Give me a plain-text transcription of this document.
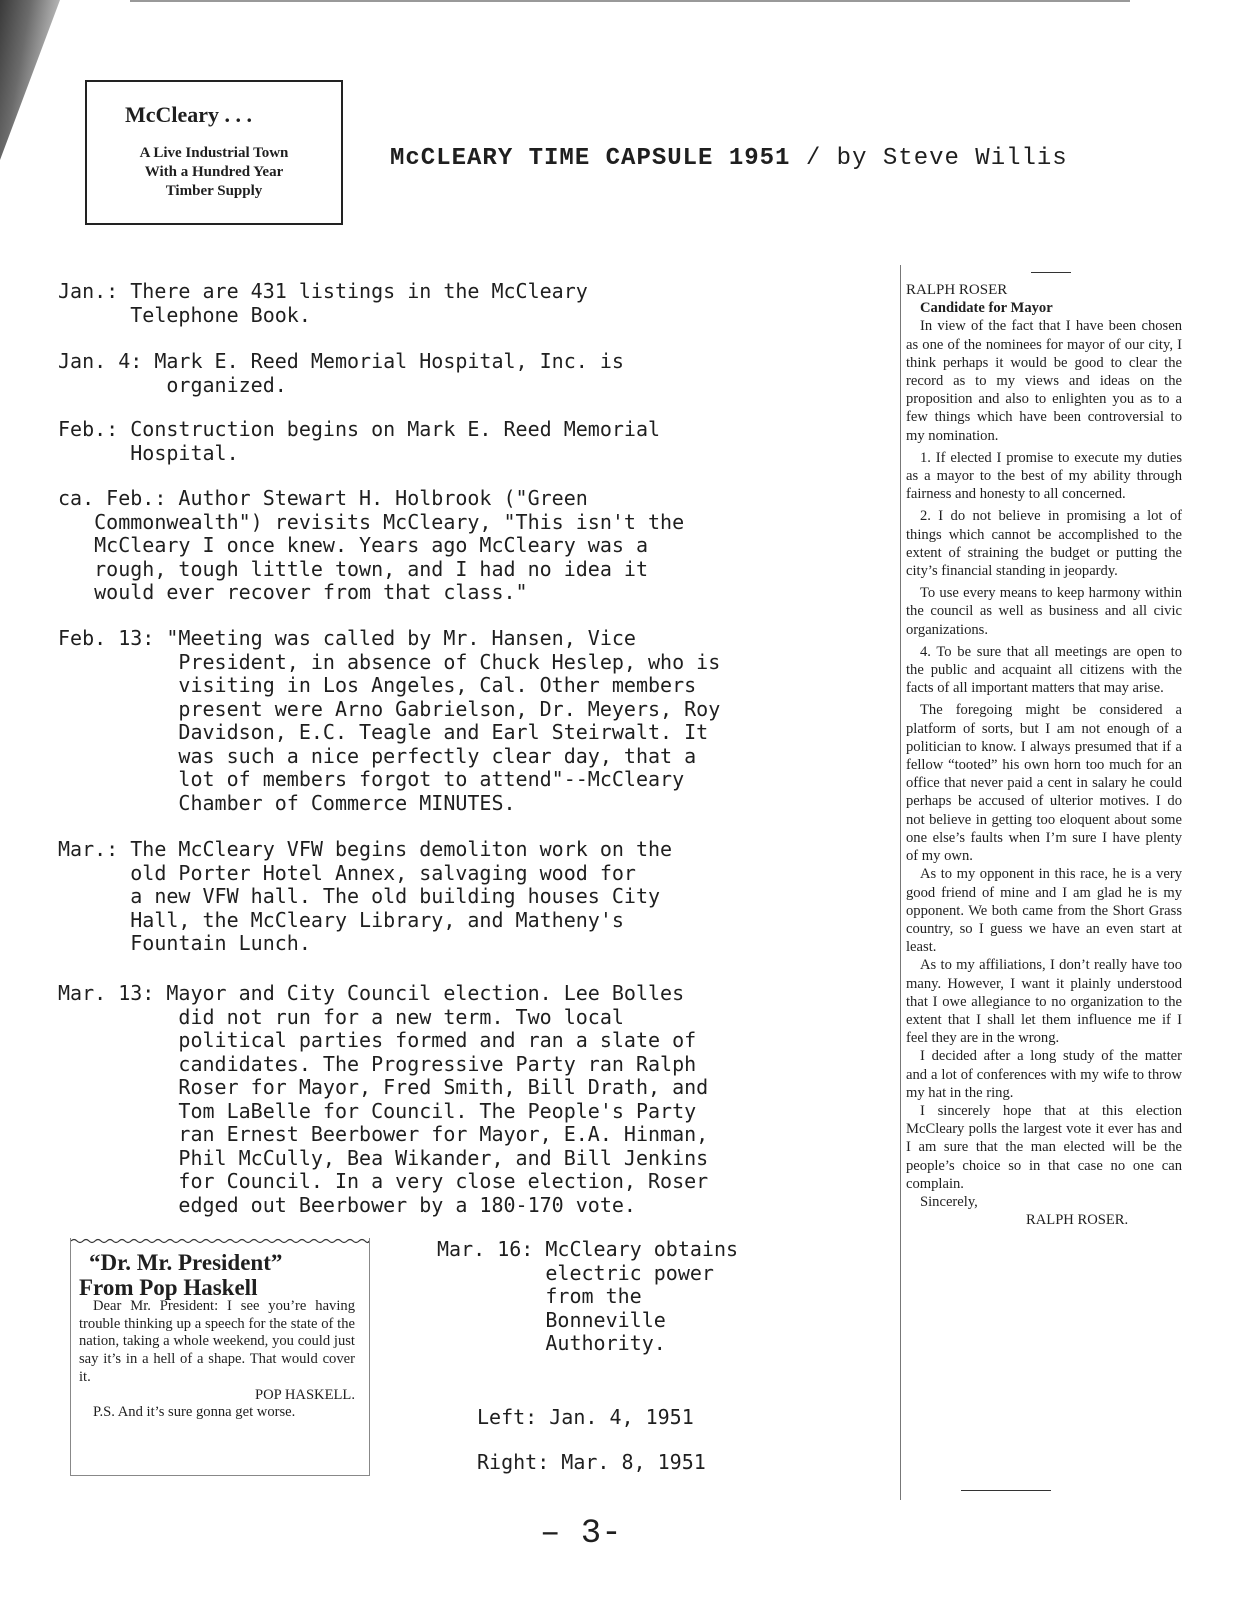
McCleary . . .
A Live Industrial Town
With a Hundred Year
Timber Supply
McCLEARY TIME CAPSULE 1951 / by Steve Willis
Jan.: There are 431 listings in the McCleary
Telephone Book.
Jan. 4: Mark E. Reed Memorial Hospital, Inc. is
organized.
Feb.: Construction begins on Mark E. Reed Memorial
Hospital.
ca. Feb.: Author Stewart H. Holbrook ("Green
Commonwealth") revisits McCleary, "This isn't the
McCleary I once knew. Years ago McCleary was a
rough, tough little town, and I had no idea it
would ever recover from that class."
Feb. 13: "Meeting was called by Mr. Hansen, Vice
President, in absence of Chuck Heslep, who is
visiting in Los Angeles, Cal. Other members
present were Arno Gabrielson, Dr. Meyers, Roy
Davidson, E.C. Teagle and Earl Steirwalt. It
was such a nice perfectly clear day, that a
lot of members forgot to attend"--McCleary
Chamber of Commerce MINUTES.
Mar.: The McCleary VFW begins demoliton work on the
old Porter Hotel Annex, salvaging wood for
a new VFW hall. The old building houses City
Hall, the McCleary Library, and Matheny's
Fountain Lunch.
Mar. 13: Mayor and City Council election. Lee Bolles
did not run for a new term. Two local
political parties formed and ran a slate of
candidates. The Progressive Party ran Ralph
Roser for Mayor, Fred Smith, Bill Drath, and
Tom LaBelle for Council. The People's Party
ran Ernest Beerbower for Mayor, E.A. Hinman,
Phil McCully, Bea Wikander, and Bill Jenkins
for Council. In a very close election, Roser
edged out Beerbower by a 180-170 vote.
Mar. 16: McCleary obtains
electric power
from the
Bonneville
Authority.
Left: Jan. 4, 1951
Right: Mar. 8, 1951
“Dr. Mr. President”
From Pop Haskell
Dear Mr. President: I see you’re having trouble thinking up a speech for the state of the nation, taking a whole weekend, you could just say it’s in a hell of a shape. That would cover it.
POP HASKELL.
P.S. And it’s sure gonna get worse.

RALPH ROSER

Candidate for Mayor

In view of the fact that I have been chosen as one of the nominees for mayor of our city, I think perhaps it would be good to clear the record as to my views and ideas on the proposition and also to enlighten you as to a few things which have been controversial to my nomination.

1. If elected I promise to execute my duties as a mayor to the best of my ability through fairness and honesty to all concerned.

2. I do not believe in promising a lot of things which cannot be accomplished to the extent of straining the budget or putting the city’s financial standing in jeopardy.

To use every means to keep harmony within the council as well as business and all civic organizations.

4. To be sure that all meetings are open to the public and acquaint all citizens with the facts of all important matters that may arise.

The foregoing might be considered a platform of sorts, but I am not enough of a politician to know. I always presumed that if a fellow “tooted” his own horn too much for an office that never paid a cent in salary he could perhaps be accused of ulterior motives. I do not believe in getting too eloquent about some one else’s faults when I’m sure I have plenty of my own.

As to my opponent in this race, he is a very good friend of mine and I am glad he is my opponent. We both came from the Short Grass country, so I guess we have an even start at least.

As to my affiliations, I don’t really have too many. However, I want it plainly understood that I owe allegiance to no organization to the extent that I shall let them influence me if I feel they are in the wrong.

I decided after a long study of the matter and a lot of conferences with my wife to throw my hat in the ring.

I sincerely hope that at this election McCleary polls the largest vote it ever has and I am sure that the man elected will be the people’s choice so in that case no one can complain.

Sincerely,

RALPH ROSER.

– 3-
